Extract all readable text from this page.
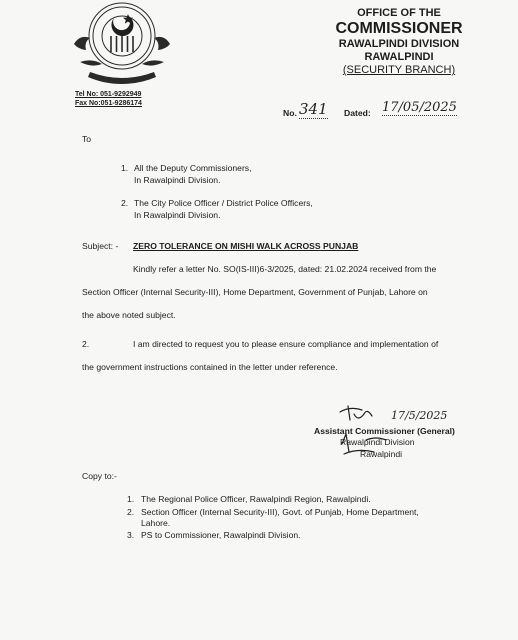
Tel No: 051-9292949
Fax No:051-9286174
OFFICE OF THE
COMMISSIONER
RAWALPINDI DIVISION
RAWALPINDI
(SECURITY BRANCH)
No. 341 Dated: 17/05/2025
To
1. All the Deputy Commissioners,
In Rawalpindi Division.
2. The City Police Officer / District Police Officers,
In Rawalpindi Division.
Subject: - ZERO TOLERANCE ON MISHI WALK ACROSS PUNJAB
Kindly refer a letter No. SO(IS-III)6-3/2025, dated: 21.02.2024 received from the
Section Officer (Internal Security-III), Home Department, Government of Punjab, Lahore on
the above noted subject.
2.	I am directed to request you to please ensure compliance and implementation of
the government instructions contained in the letter under reference.
17/5/2025
Assistant Commissioner (General)
Rawalpindi Division
Rawalpindi
Copy to:-
1. The Regional Police Officer, Rawalpindi Region, Rawalpindi.
2. Section Officer (Internal Security-III), Govt. of Punjab, Home Department,
Lahore.
3. PS to Commissioner, Rawalpindi Division.
